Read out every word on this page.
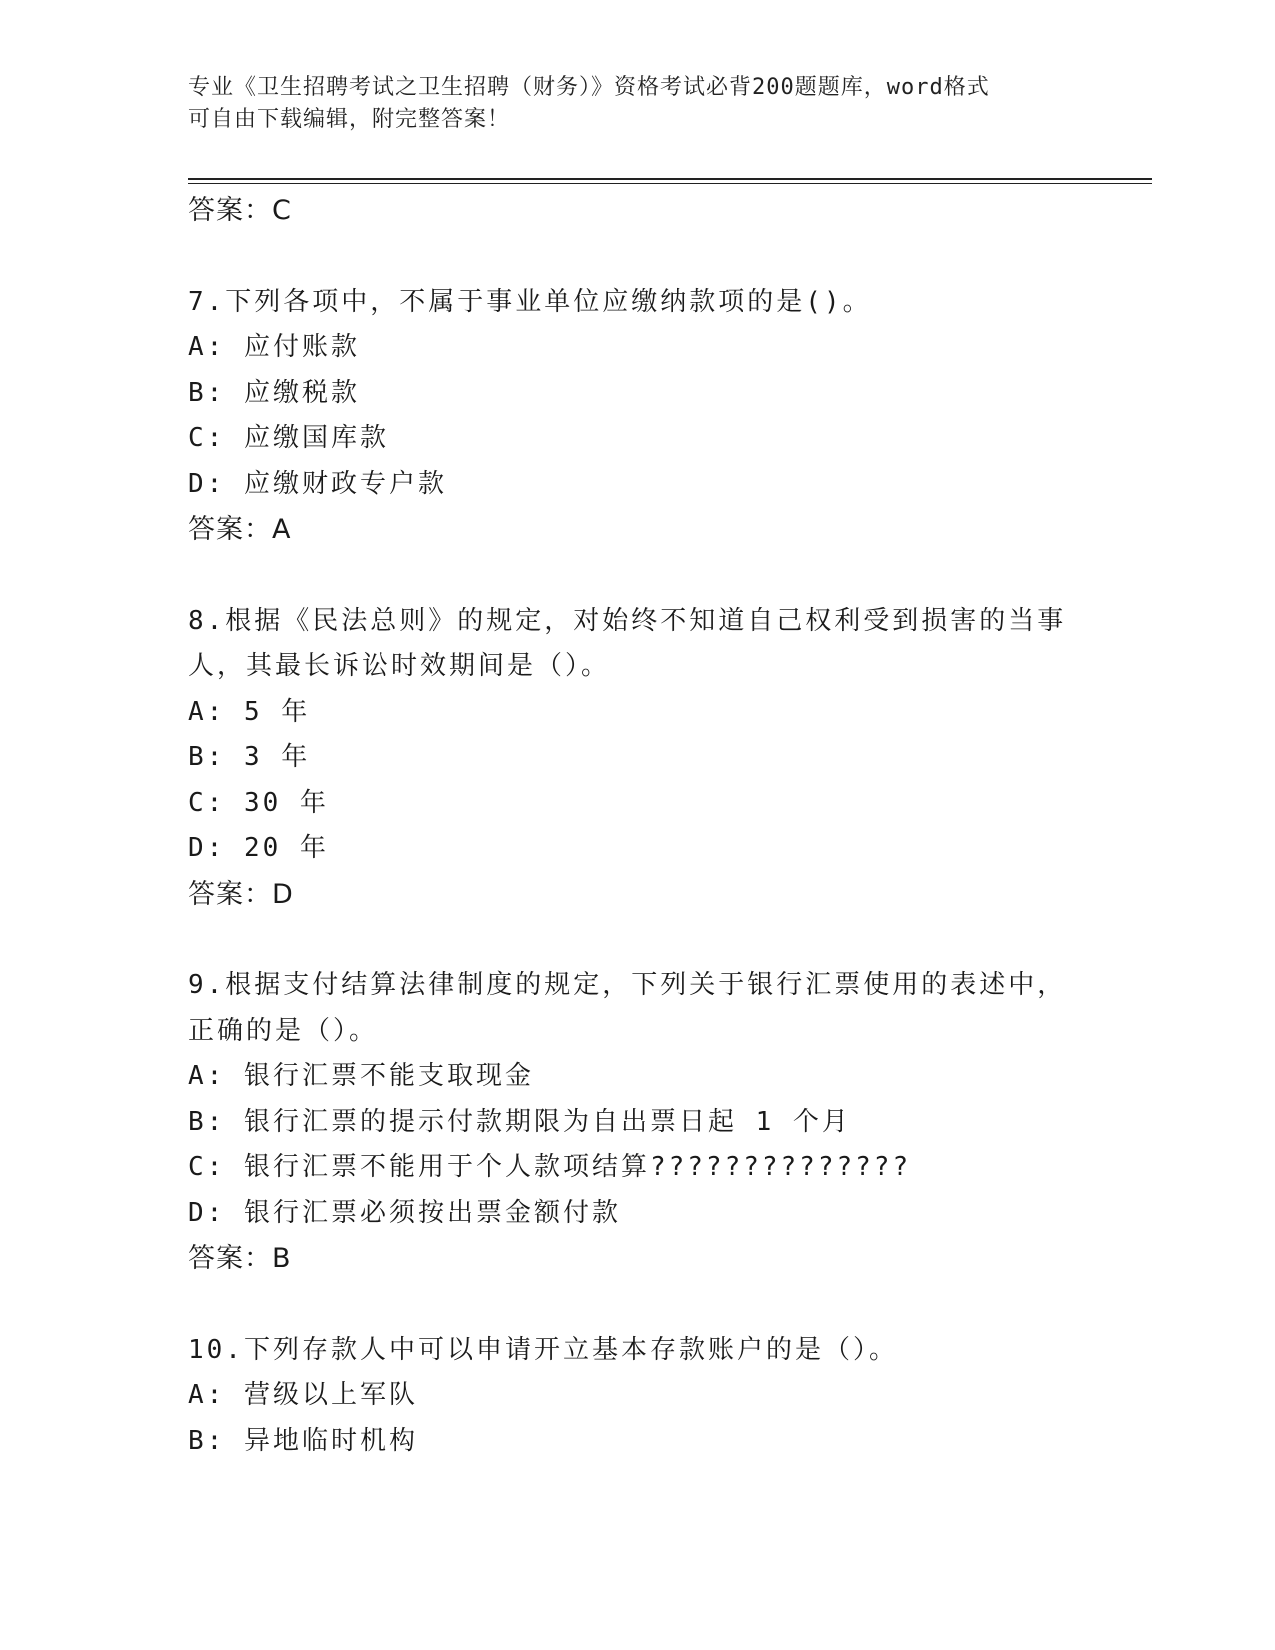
专业《卫生招聘考试之卫生招聘（财务）》资格考试必背200题题库，word格式
可自由下载编辑，附完整答案！
答案：C
7.下列各项中，不属于事业单位应缴纳款项的是()。
A: 应付账款
B: 应缴税款
C: 应缴国库款
D: 应缴财政专户款
答案：A
8.根据《民法总则》的规定，对始终不知道自己权利受到损害的当事
人，其最长诉讼时效期间是（）。
A: 5 年
B: 3 年
C: 30 年
D: 20 年
答案：D
9.根据支付结算法律制度的规定，下列关于银行汇票使用的表述中，
正确的是（）。
A: 银行汇票不能支取现金
B: 银行汇票的提示付款期限为自出票日起 1 个月
C: 银行汇票不能用于个人款项结算??????????????
D: 银行汇票必须按出票金额付款
答案：B
10.下列存款人中可以申请开立基本存款账户的是（）。
A: 营级以上军队
B: 异地临时机构
